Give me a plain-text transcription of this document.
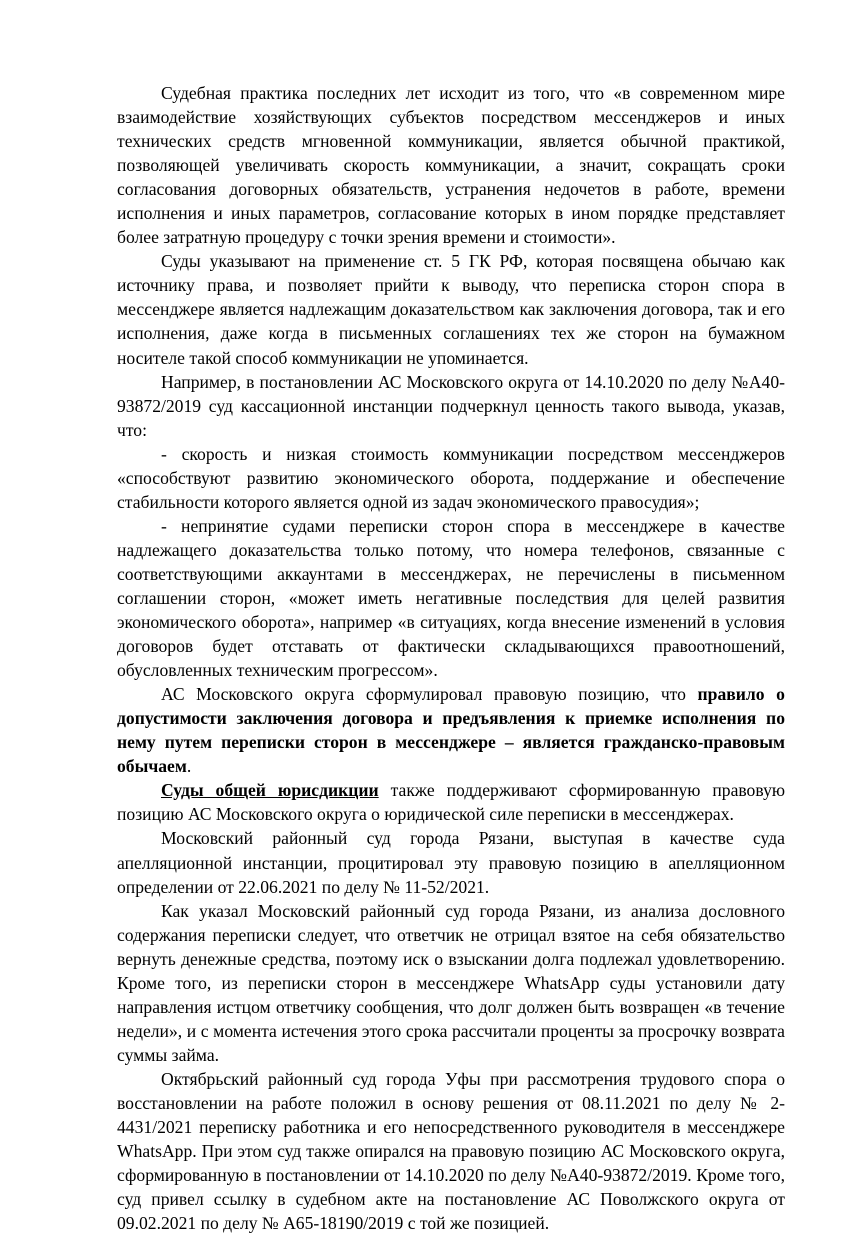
Судебная практика последних лет исходит из того, что «в современном мире взаимодействие хозяйствующих субъектов посредством мессенджеров и иных технических средств мгновенной коммуникации, является обычной практикой, позволяющей увеличивать скорость коммуникации, а значит, сокращать сроки согласования договорных обязательств, устранения недочетов в работе, времени исполнения и иных параметров, согласование которых в ином порядке представляет более затратную процедуру с точки зрения времени и стоимости».

Суды указывают на применение ст. 5 ГК РФ, которая посвящена обычаю как источнику права, и позволяет прийти к выводу, что переписка сторон спора в мессенджере является надлежащим доказательством как заключения договора, так и его исполнения, даже когда в письменных соглашениях тех же сторон на бумажном носителе такой способ коммуникации не упоминается.

Например, в постановлении АС Московского округа от 14.10.2020 по делу №А40-93872/2019 суд кассационной инстанции подчеркнул ценность такого вывода, указав, что:

- скорость и низкая стоимость коммуникации посредством мессенджеров «способствуют развитию экономического оборота, поддержание и обеспечение стабильности которого является одной из задач экономического правосудия»;

- непринятие судами переписки сторон спора в мессенджере в качестве надлежащего доказательства только потому, что номера телефонов, связанные с соответствующими аккаунтами в мессенджерах, не перечислены в письменном соглашении сторон, «может иметь негативные последствия для целей развития экономического оборота», например «в ситуациях, когда внесение изменений в условия договоров будет отставать от фактически складывающихся правоотношений, обусловленных техническим прогрессом».

АС Московского округа сформулировал правовую позицию, что правило о допустимости заключения договора и предъявления к приемке исполнения по нему путем переписки сторон в мессенджере – является гражданско-правовым обычаем.

Суды общей юрисдикции также поддерживают сформированную правовую позицию АС Московского округа о юридической силе переписки в мессенджерах.

Московский районный суд города Рязани, выступая в качестве суда апелляционной инстанции, процитировал эту правовую позицию в апелляционном определении от 22.06.2021 по делу № 11-52/2021.

Как указал Московский районный суд города Рязани, из анализа дословного содержания переписки следует, что ответчик не отрицал взятое на себя обязательство вернуть денежные средства, поэтому иск о взыскании долга подлежал удовлетворению. Кроме того, из переписки сторон в мессенджере WhatsApp суды установили дату направления истцом ответчику сообщения, что долг должен быть возвращен «в течение недели», и с момента истечения этого срока рассчитали проценты за просрочку возврата суммы займа.

Октябрьский районный суд города Уфы при рассмотрения трудового спора о восстановлении на работе положил в основу решения от 08.11.2021 по делу № 2- 4431/2021 переписку работника и его непосредственного руководителя в мессенджере WhatsApp. При этом суд также опирался на правовую позицию АС Московского округа, сформированную в постановлении от 14.10.2020 по делу №А40-93872/2019. Кроме того, суд привел ссылку в судебном акте на постановление АС Поволжского округа от 09.02.2021 по делу № А65-18190/2019 с той же позицией.
